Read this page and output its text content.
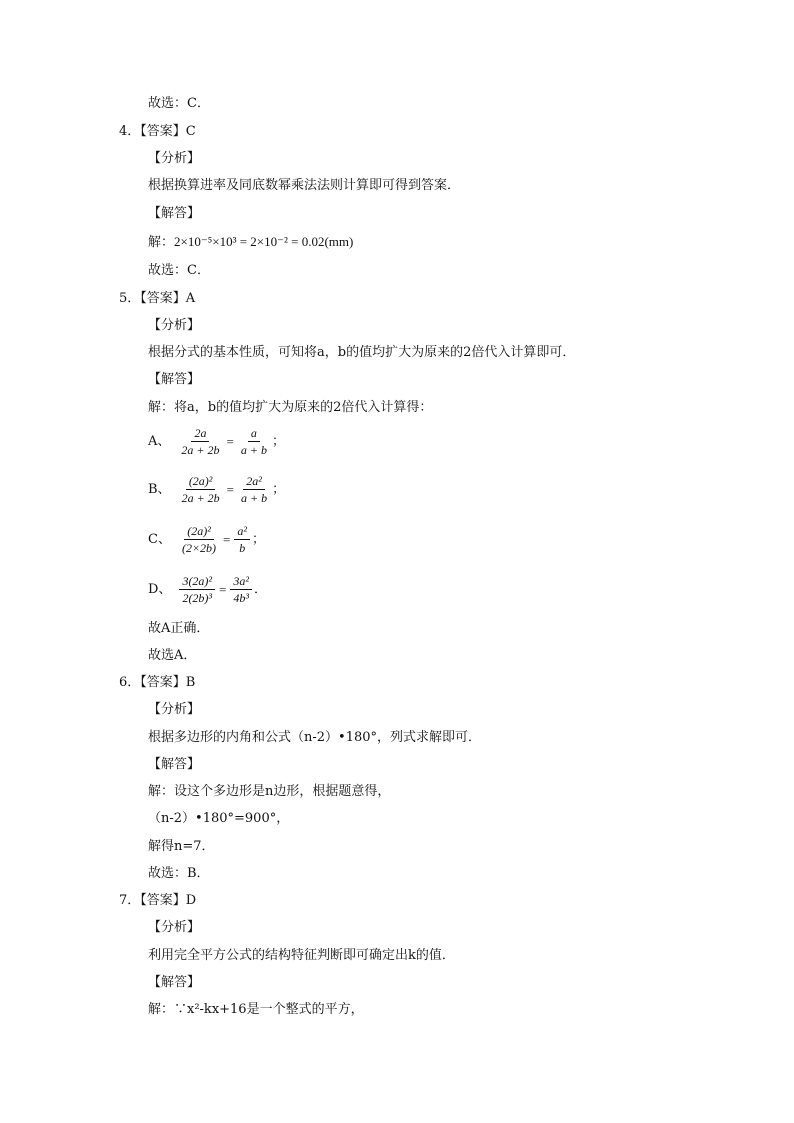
故选：C．
4．【答案】C
【分析】
根据换算进率及同底数幂乘法法则计算即可得到答案．
【解答】
解：2×10⁻⁵×10³ = 2×10⁻² = 0.02(mm)
故选：C．
5．【答案】A
【分析】
根据分式的基本性质，可知将a，b的值均扩大为原来的2倍代入计算即可．
【解答】
解：将a，b的值均扩大为原来的2倍代入计算得：
A、 $\frac{2a}{2a + 2b} = \frac{a}{a + b}$ ；
B、 $\frac{\text{(2a)²}}{2a + 2b} = \frac{\text{2a²}}{a + b}$ ；
C、 $\frac{\text{(2a)²}}{(2\times 2b)} = \frac{\text{a²}}{b}$ ；
D、 $\frac{\text{3(2a)²}}{\text{2(2b)³}} = \frac{\text{3a²}}{\text{4b³}}$ ．
故A正确．
故选A．
6．【答案】B
【分析】
根据多边形的内角和公式（n-2）•180°，列式求解即可．
【解答】
解：设这个多边形是n边形，根据题意得，
（n-2）•180°=900°，
解得n=7．
故选：B．
7．【答案】D
【分析】
利用完全平方公式的结构特征判断即可确定出k的值．
【解答】
解：∵x²-kx+16是一个整式的平方，
